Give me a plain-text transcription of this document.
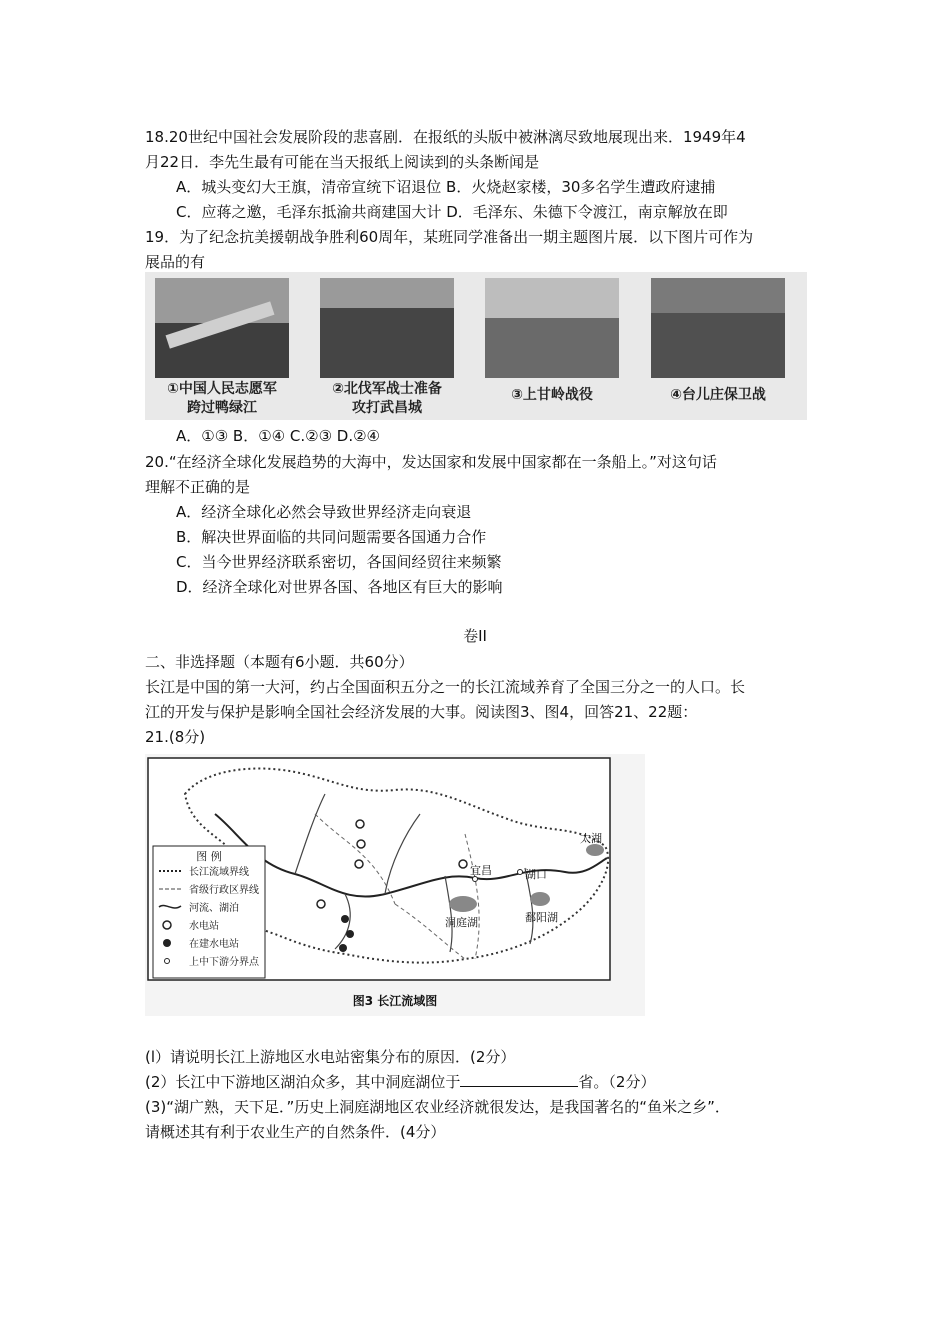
18.20世纪中国社会发展阶段的悲喜剧．在报纸的头版中被淋漓尽致地展现出来．1949年4
月22日．李先生最有可能在当天报纸上阅读到的头条断闻是
A．城头变幻大王旗，清帝宣统下诏退位 B．火烧赵家楼，30多名学生遭政府逮捕
C．应蒋之邀，毛泽东抵渝共商建国大计 D．毛泽东、朱德下令渡江，南京解放在即
19．为了纪念抗美援朝战争胜利60周年，某班同学准备出一期主题图片展．以下图片可作为
展品的有
①中国人民志愿军
跨过鸭绿江
②北伐军战士准备
攻打武昌城
③上甘岭战役	④台儿庄保卫战
A．①③ B．①④ C.②③ D.②④
20.“在经济全球化发展趋势的大海中，发达国家和发展中国家都在一条船上。”对这句话
理解不正确的是
A．经济全球化必然会导致世界经济走向衰退
B．解决世界面临的共同问题需要各国通力合作
C．当今世界经济联系密切，各国间经贸往来频繁
D．经济全球化对世界各国、各地区有巨大的影响
卷II
二、非选择题（本题有6小题．共60分）
长江是中国的第一大河，约占全国面积五分之一的长江流域养育了全国三分之一的人口。长
江的开发与保护是影响全国社会经济发展的大事。阅读图3、图4，回答21、22题：
21.(8分)
图 例
长江流域界线
省级行政区界线
河流、湖泊
水电站
在建水电站
上中下游分界点
宜昌	湖口
洞庭湖	鄱阳湖
太湖
图3 长江流域图
(l）请说明长江上游地区水电站密集分布的原因．(2分）
(2）长江中下游地区湖泊众多，其中洞庭湖位于	省。（2分）
(3)“湖广熟，天下足．”历史上洞庭湖地区农业经济就很发达，是我国著名的“鱼米之乡”．
请概述其有利于农业生产的自然条件．(4分）
